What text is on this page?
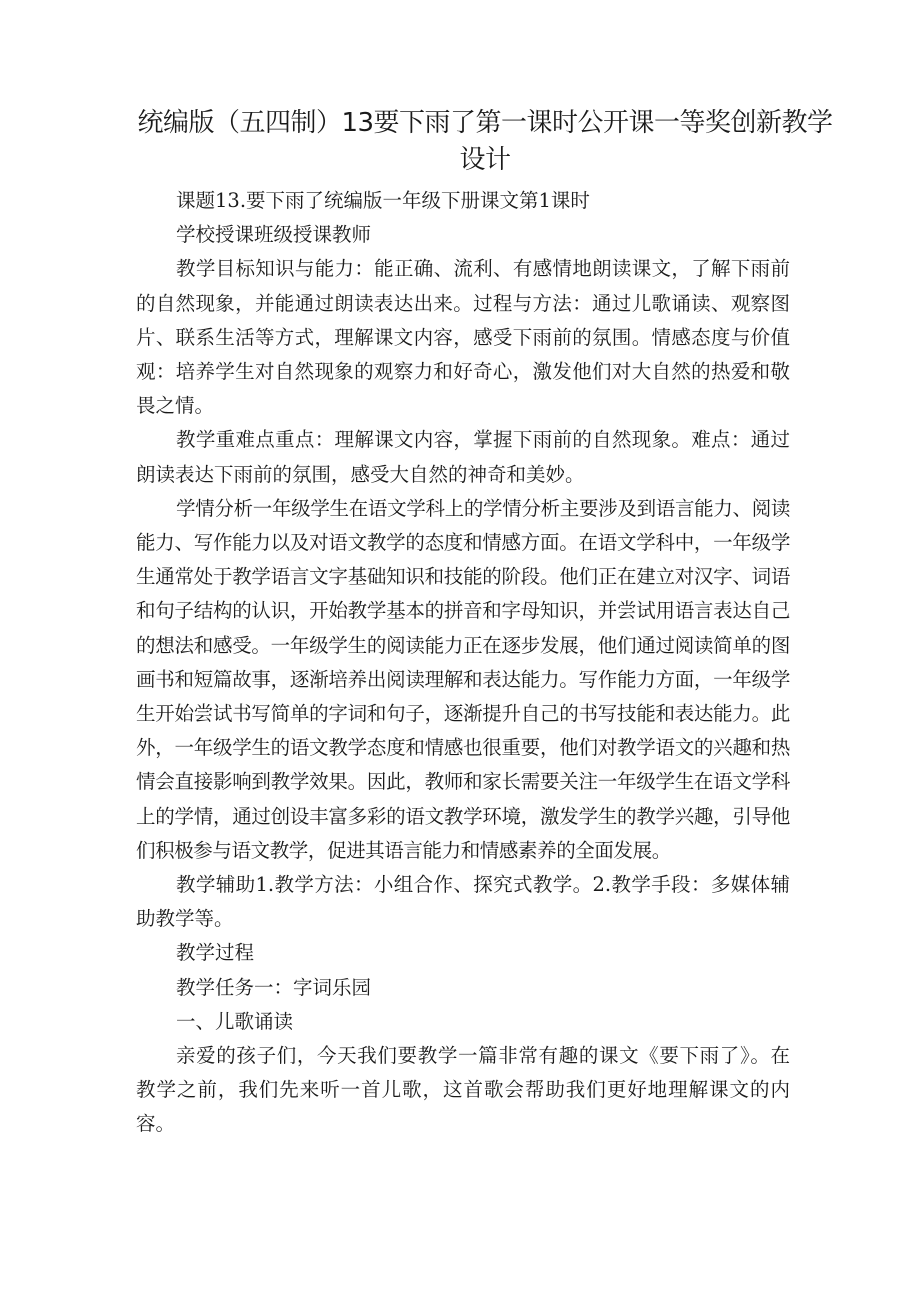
统编版（五四制）13要下雨了第一课时公开课一等奖创新教学设计

课题13.要下雨了统编版一年级下册课文第1课时

学校授课班级授课教师

教学目标知识与能力：能正确、流利、有感情地朗读课文，了解下雨前的自然现象，并能通过朗读表达出来。过程与方法：通过儿歌诵读、观察图片、联系生活等方式，理解课文内容，感受下雨前的氛围。情感态度与价值观：培养学生对自然现象的观察力和好奇心，激发他们对大自然的热爱和敬畏之情。

教学重难点重点：理解课文内容，掌握下雨前的自然现象。难点：通过朗读表达下雨前的氛围，感受大自然的神奇和美妙。

学情分析一年级学生在语文学科上的学情分析主要涉及到语言能力、阅读能力、写作能力以及对语文教学的态度和情感方面。在语文学科中，一年级学生通常处于教学语言文字基础知识和技能的阶段。他们正在建立对汉字、词语和句子结构的认识，开始教学基本的拼音和字母知识，并尝试用语言表达自己的想法和感受。一年级学生的阅读能力正在逐步发展，他们通过阅读简单的图画书和短篇故事，逐渐培养出阅读理解和表达能力。写作能力方面，一年级学生开始尝试书写简单的字词和句子，逐渐提升自己的书写技能和表达能力。此外，一年级学生的语文教学态度和情感也很重要，他们对教学语文的兴趣和热情会直接影响到教学效果。因此，教师和家长需要关注一年级学生在语文学科上的学情，通过创设丰富多彩的语文教学环境，激发学生的教学兴趣，引导他们积极参与语文教学，促进其语言能力和情感素养的全面发展。

教学辅助1.教学方法：小组合作、探究式教学。2.教学手段：多媒体辅助教学等。

教学过程

教学任务一：字词乐园

一、儿歌诵读

亲爱的孩子们，今天我们要教学一篇非常有趣的课文《要下雨了》。在教学之前，我们先来听一首儿歌，这首歌会帮助我们更好地理解课文的内容。
